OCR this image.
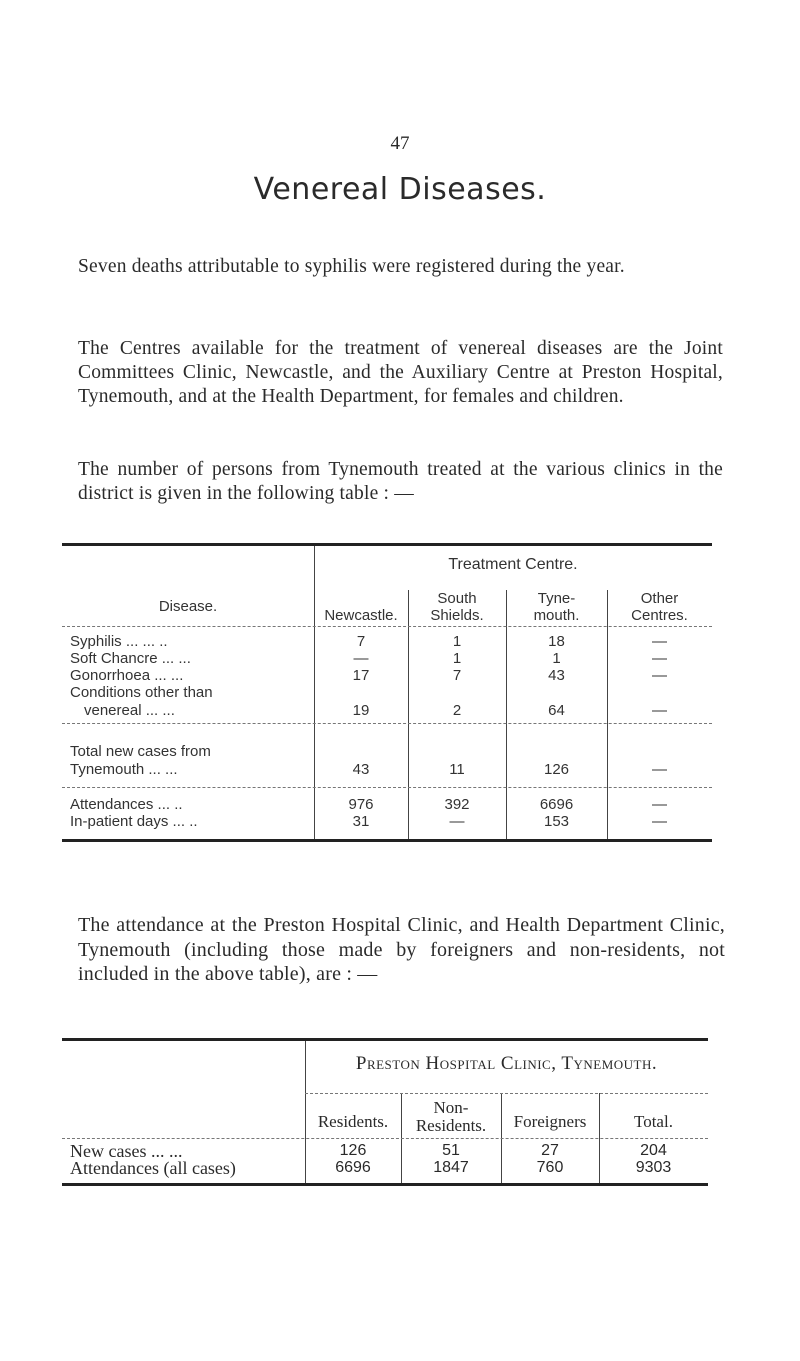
47
Venereal Diseases.

Seven deaths attributable to syphilis were registered during the year.

The Centres available for the treatment of venereal diseases are the Joint Committees Clinic, Newcastle, and the Auxiliary Centre at Preston Hospital, Tynemouth, and at the Health Department, for females and children.

The number of persons from Tynemouth treated at the various clinics in the district is given in the following table : —

Disease.
Treatment Centre.
Newcastle.
South
Shields.
Tyne-
mouth.
Other
Centres.
Syphilis ... ... ..	7	1	18	—
Soft Chancre ... ...	—	1	1	—
Gonorrhoea ... ...	17	7	43	—
Conditions other than
venereal ... ...	19	2	64	—
Total new cases from
Tynemouth ... ...	43	11	126	—
Attendances ... ..	976	392	6696	—
In-patient days ... ..	31	—	153	—

The attendance at the Preston Hospital Clinic, and Health Department Clinic, Tynemouth (including those made by foreigners and non-residents, not included in the above table), are : —

Preston Hospital Clinic, Tynemouth.
Residents.
Non-
Residents.	Foreigners	Total.
New cases ... ...	126	51	27	204
Attendances (all cases)	6696	1847	760	9303
